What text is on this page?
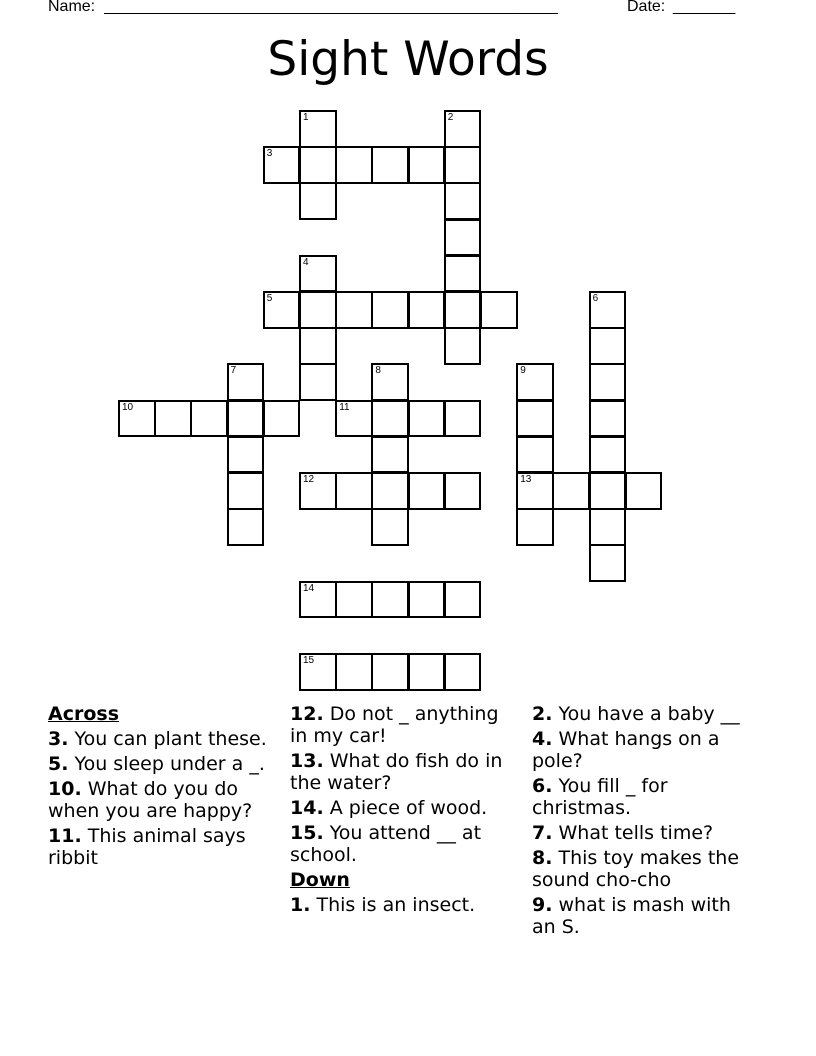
Name: ___________________________________________________	Date: _______
Sight Words
1	2
3
4
5	6
7	8	9
13
10	11
12
14
15
Across

3. You can plant these.

5. You sleep under a _.

10. What do you do when you are happy?

11. This animal says ribbit

12. Do not _ anything in my car!

13. What do fish do in the water?

14. A piece of wood.

15. You attend __ at school.

Down

1. This is an insect.

2. You have a baby __

4. What hangs on a pole?

6. You fill _ for christmas.

7. What tells time?

8. This toy makes the sound cho-cho

9. what is mash with an S.
